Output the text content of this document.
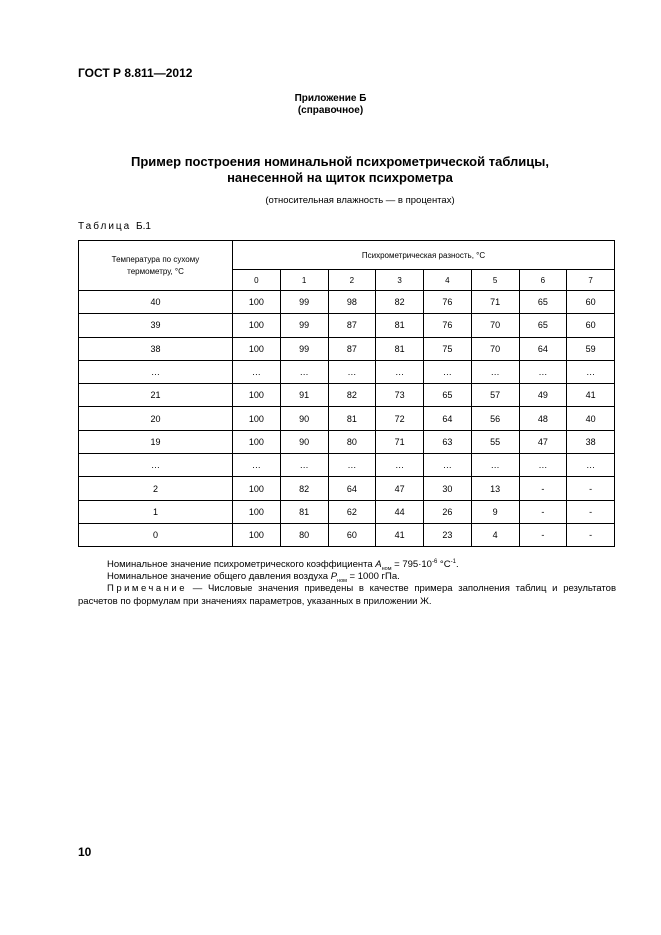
ГОСТ Р 8.811—2012
Приложение Б
(справочное)
Пример построения номинальной психрометрической таблицы,
нанесенной на щиток психрометра
(относительная влажность — в процентах)
Таблица Б.1
Температура по сухому
термометру, °С	Психрометрическая разность, °С							
	0	1	2	3	4	5	6	7
40	100	99	98	82	76	71	65	60
39	100	99	87	81	76	70	65	60
38	100	99	87	81	75	70	64	59
…	…	…	…	…	…	…	…	…
21	100	91	82	73	65	57	49	41
20	100	90	81	72	64	56	48	40
19	100	90	80	71	63	55	47	38
…	…	…	…	…	…	…	…	…
2	100	82	64	47	30	13	-	-
1	100	81	62	44	26	9	-	-
0	100	80	60	41	23	4	-	-
Номинальное значение психрометрического коэффициента $A_{ном} = 795\cdot 10^{-6}$ $^\circ С^{-1}$.
Номинальное значение общего давления воздуха $P_{ном} = 1000$ гПа.
Примечание — Числовые значения приведены в качестве примера заполнения таблиц и результатов расчетов по формулам при значениях параметров, указанных в приложении Ж.
10
